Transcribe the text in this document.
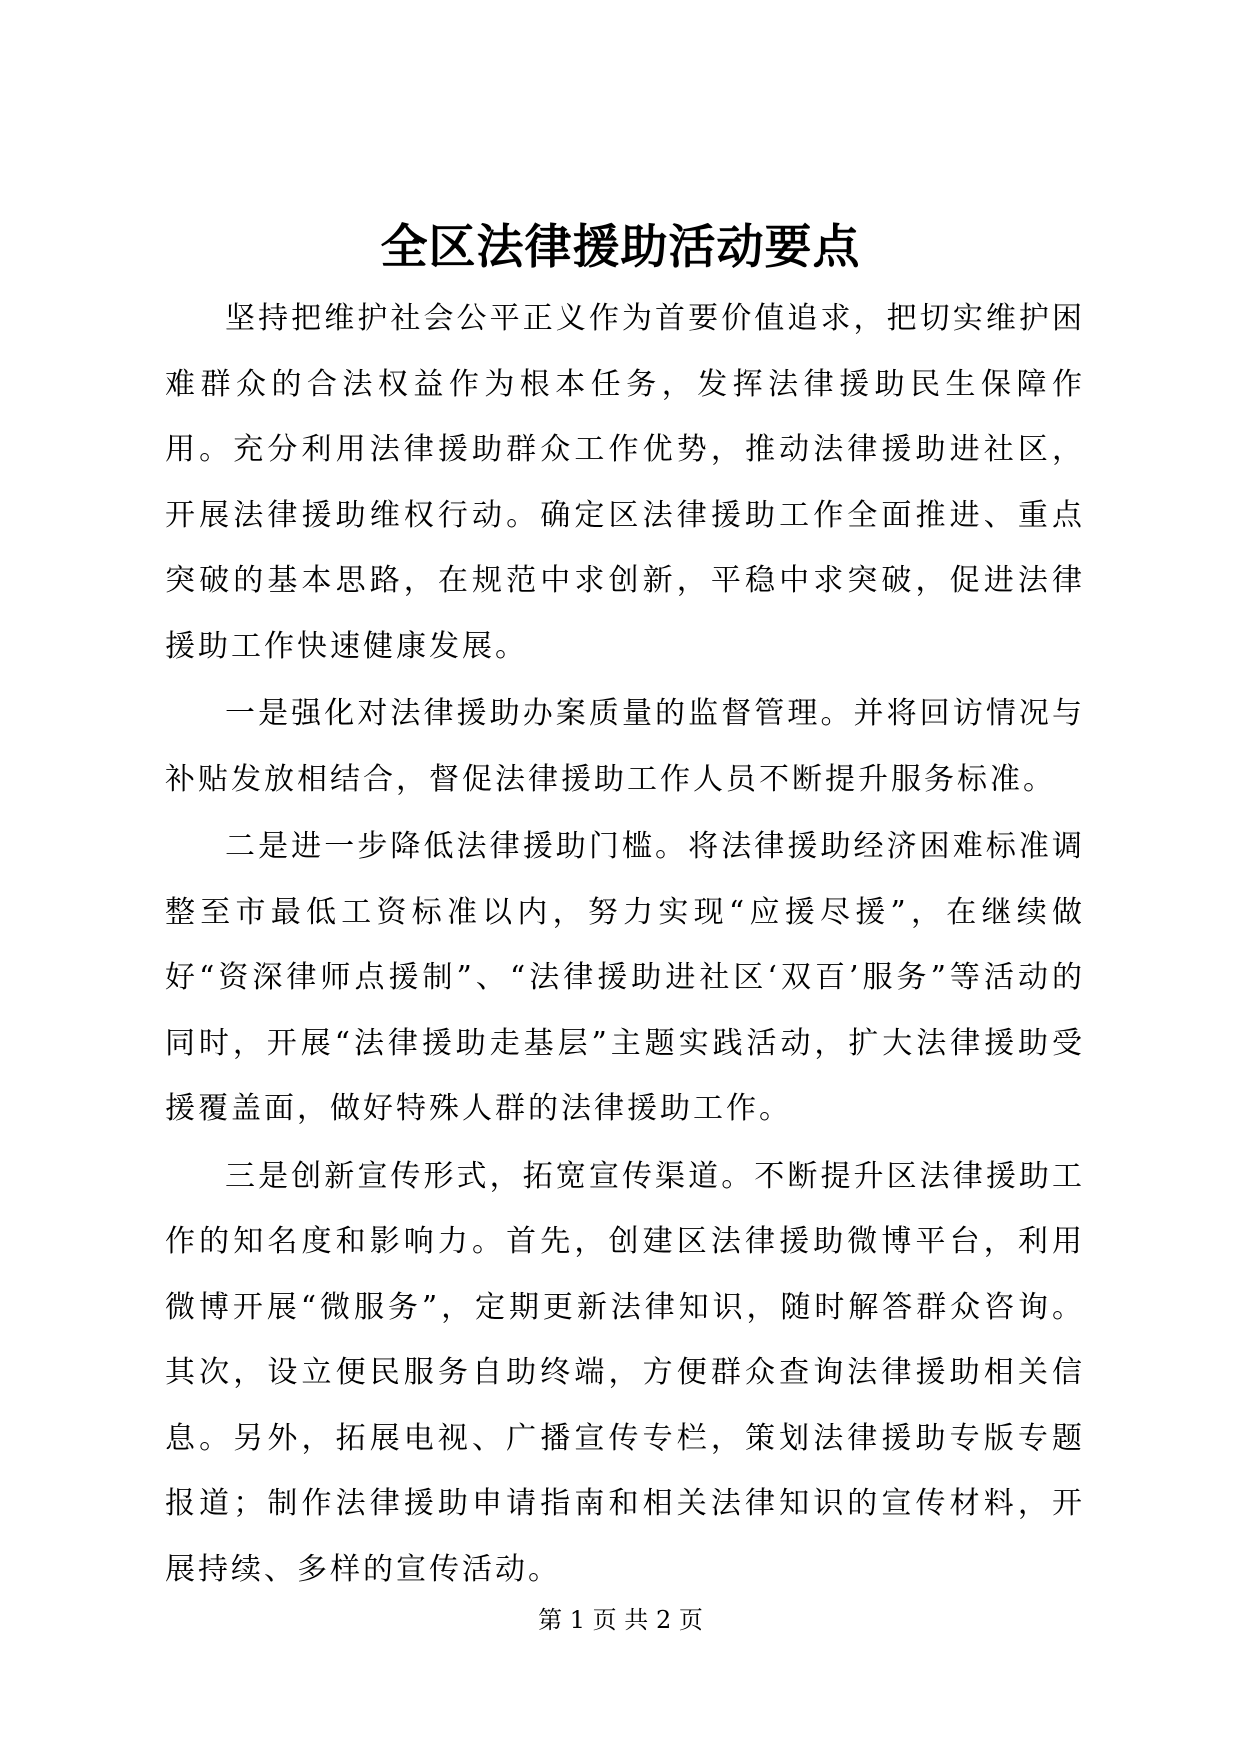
全区法律援助活动要点

坚持把维护社会公平正义作为首要价值追求，把切实维护困难群众的合法权益作为根本任务，发挥法律援助民生保障作用。充分利用法律援助群众工作优势，推动法律援助进社区，开展法律援助维权行动。确定区法律援助工作全面推进、重点突破的基本思路，在规范中求创新，平稳中求突破，促进法律援助工作快速健康发展。

一是强化对法律援助办案质量的监督管理。并将回访情况与补贴发放相结合，督促法律援助工作人员不断提升服务标准。

二是进一步降低法律援助门槛。将法律援助经济困难标准调整至市最低工资标准以内，努力实现“应援尽援”，在继续做好“资深律师点援制”、“法律援助进社区‘双百’服务”等活动的同时，开展“法律援助走基层”主题实践活动，扩大法律援助受援覆盖面，做好特殊人群的法律援助工作。

三是创新宣传形式，拓宽宣传渠道。不断提升区法律援助工作的知名度和影响力。首先，创建区法律援助微博平台，利用微博开展“微服务”，定期更新法律知识，随时解答群众咨询。其次，设立便民服务自助终端，方便群众查询法律援助相关信息。另外，拓展电视、广播宣传专栏，策划法律援助专版专题报道；制作法律援助申请指南和相关法律知识的宣传材料，开展持续、多样的宣传活动。

第 1 页 共 2 页
